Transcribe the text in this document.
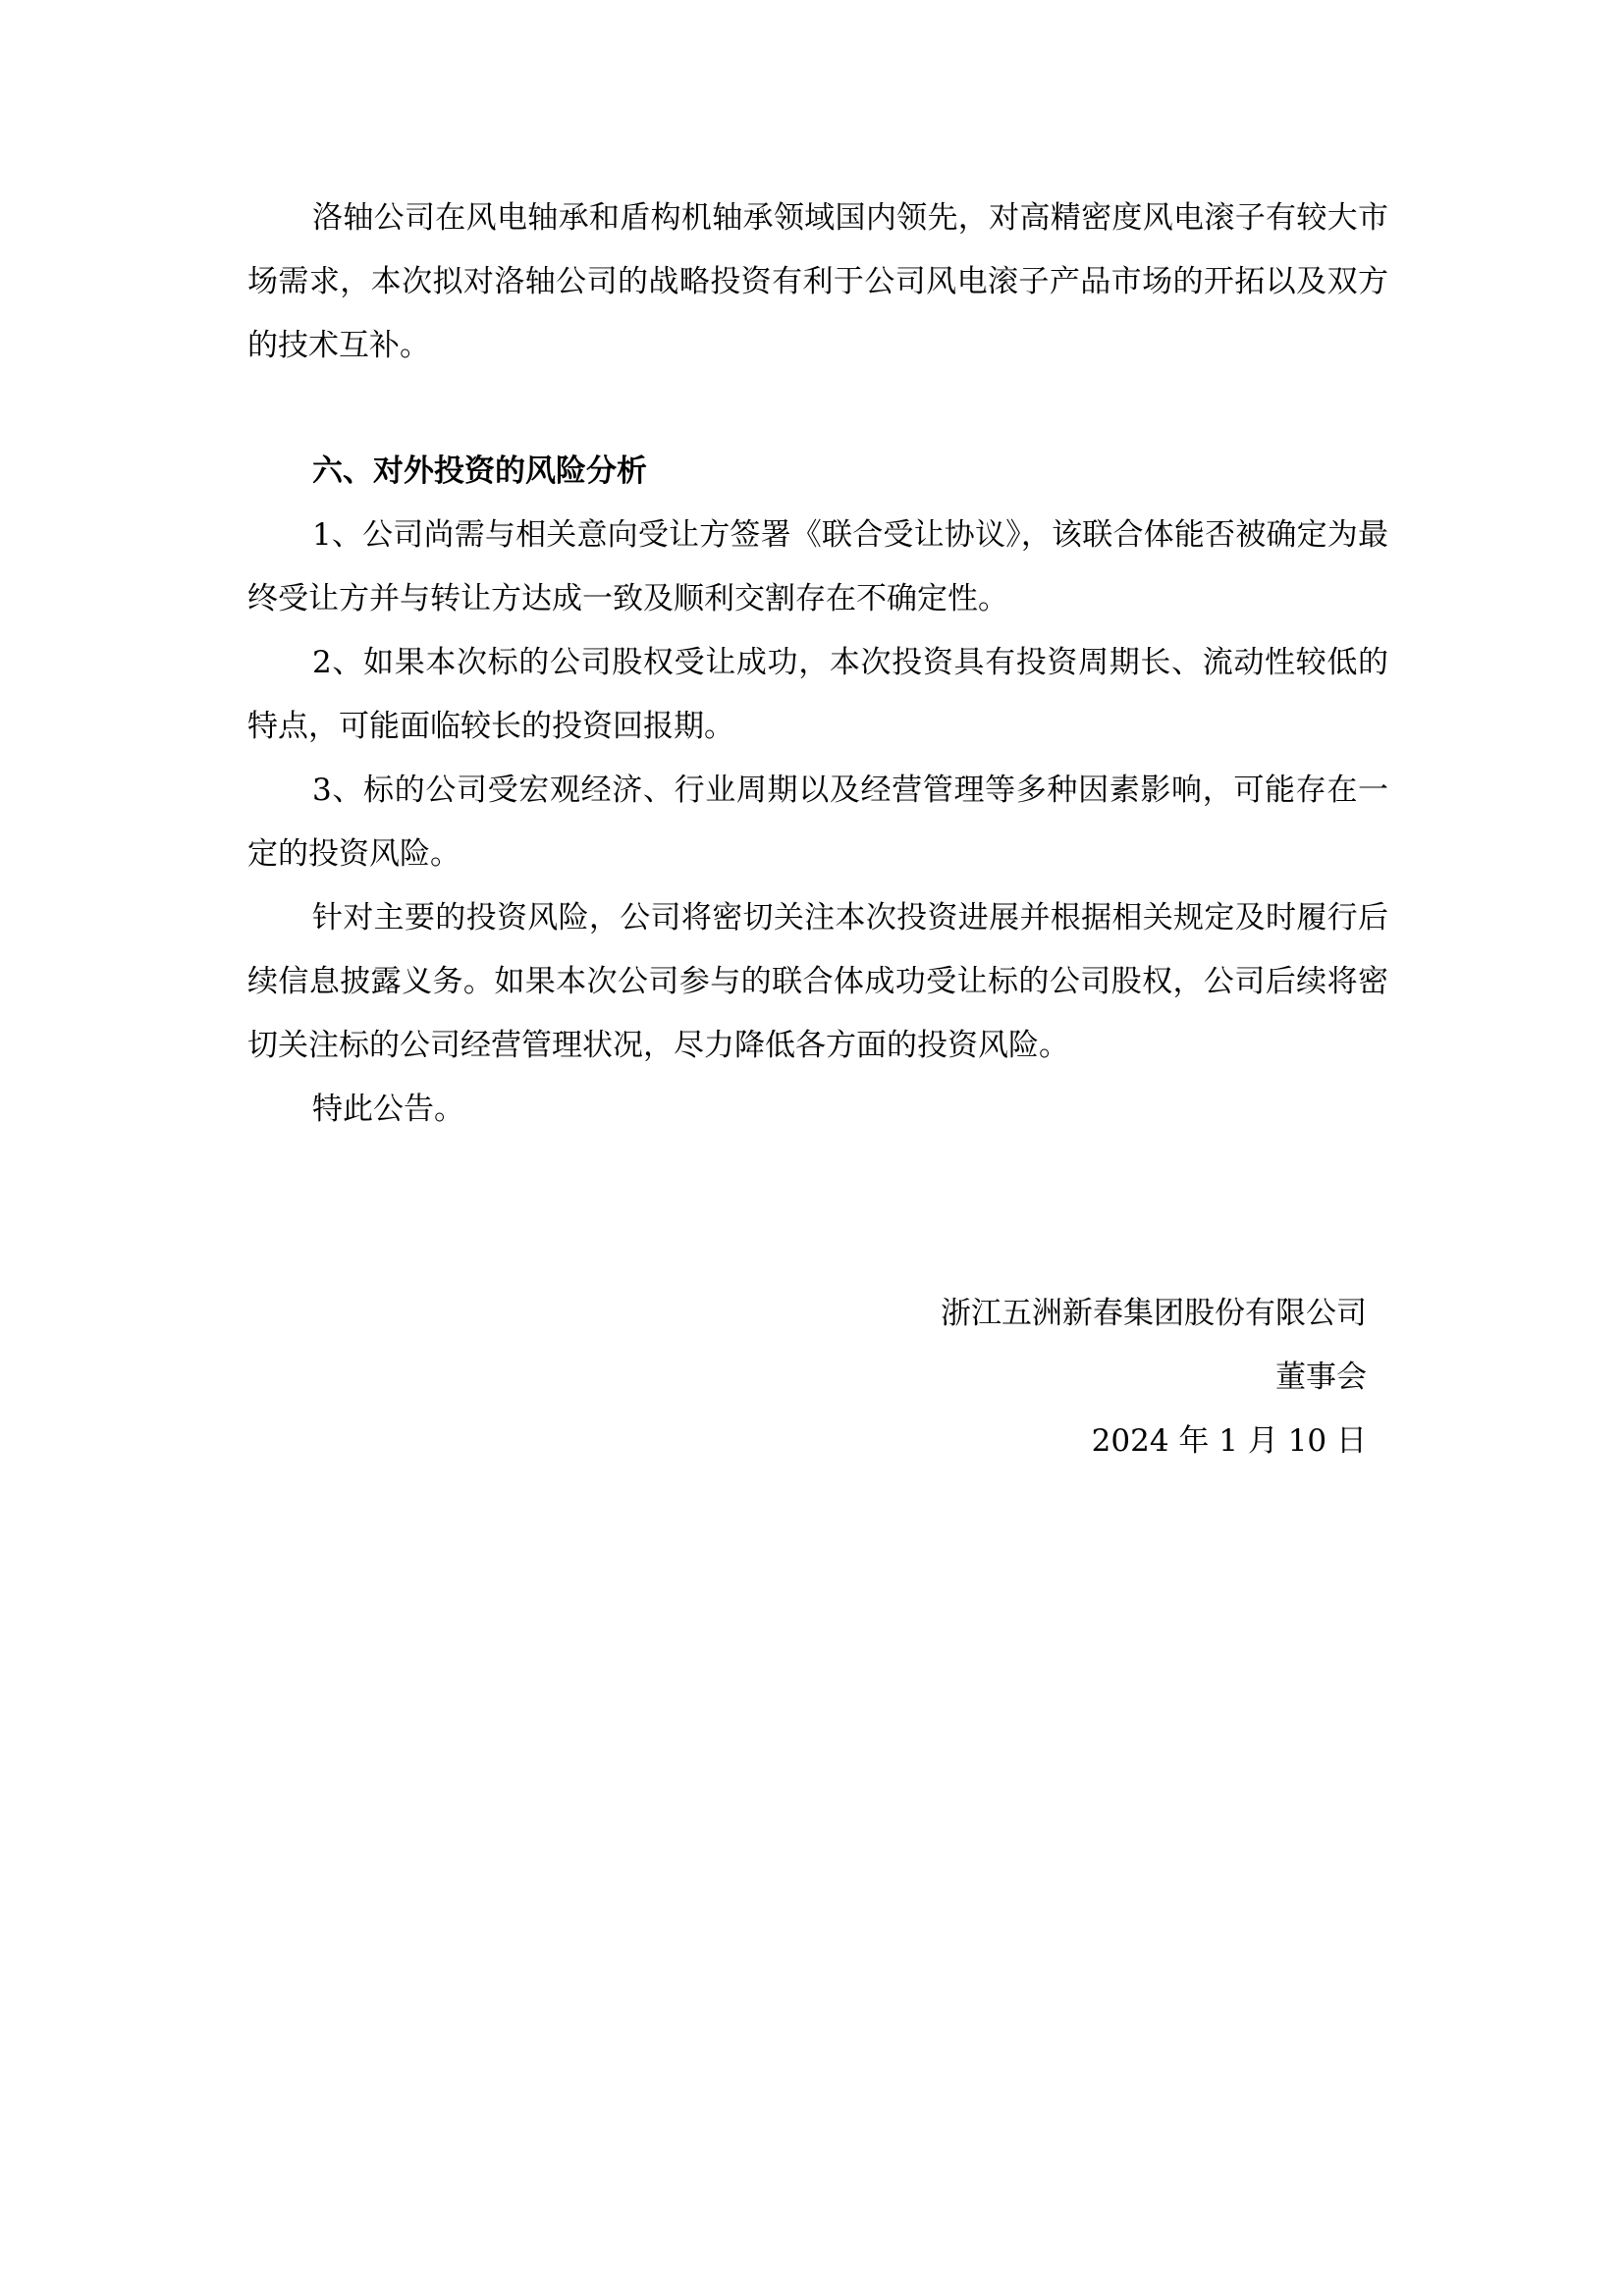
洛轴公司在风电轴承和盾构机轴承领域国内领先，对高精密度风电滚子有较大市场需求，本次拟对洛轴公司的战略投资有利于公司风电滚子产品市场的开拓以及双方的技术互补。

六、对外投资的风险分析

1、公司尚需与相关意向受让方签署《联合受让协议》，该联合体能否被确定为最终受让方并与转让方达成一致及顺利交割存在不确定性。

2、如果本次标的公司股权受让成功，本次投资具有投资周期长、流动性较低的特点，可能面临较长的投资回报期。

3、标的公司受宏观经济、行业周期以及经营管理等多种因素影响，可能存在一定的投资风险。

针对主要的投资风险，公司将密切关注本次投资进展并根据相关规定及时履行后续信息披露义务。如果本次公司参与的联合体成功受让标的公司股权，公司后续将密切关注标的公司经营管理状况，尽力降低各方面的投资风险。

特此公告。

浙江五洲新春集团股份有限公司
董事会
2024 年 1 月 10 日
